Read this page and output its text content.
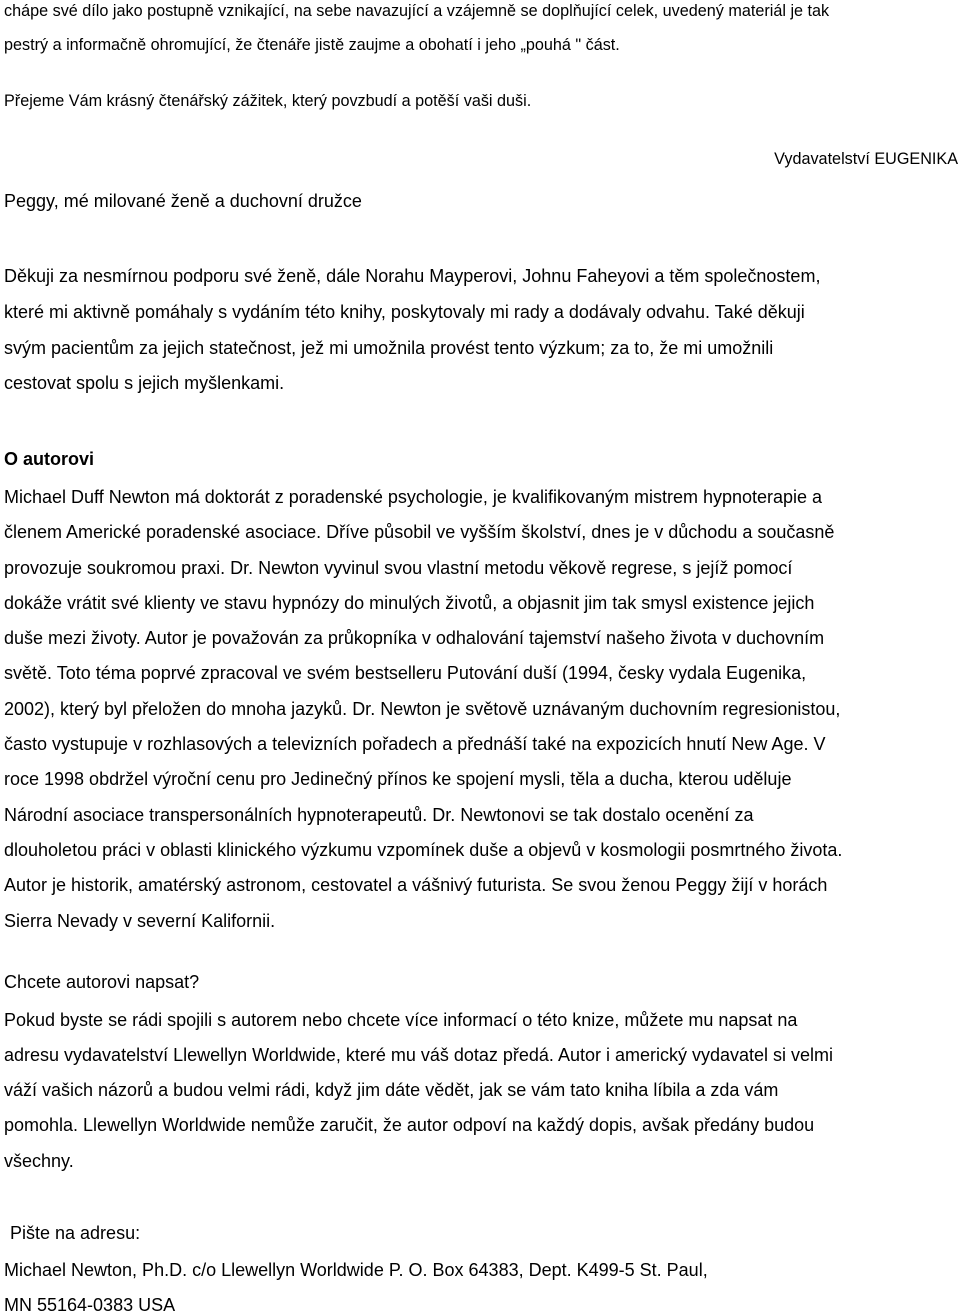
chápe své dílo jako postupně vznikající, na sebe navazující a vzájemně se doplňující celek, uvedený materiál je tak
pestrý a informačně ohromující, že čtenáře jistě zaujme a obohatí i jeho „pouhá " část.
Přejeme Vám krásný čtenářský zážitek, který povzbudí a potěší vaši duši.
Vydavatelství EUGENIKA
Peggy, mé milované ženě a duchovní družce
Děkuji za nesmírnou podporu své ženě, dále Norahu Mayperovi, Johnu Faheyovi a těm společnostem,
které mi aktivně pomáhaly s vydáním této knihy, poskytovaly mi rady a dodávaly odvahu. Také děkuji
svým pacientům za jejich statečnost, jež mi umožnila provést tento výzkum; za to, že mi umožnili
cestovat spolu s jejich myšlenkami.
O autorovi
Michael Duff Newton má doktorát z poradenské psychologie, je kvalifikovaným mistrem hypnoterapie a
členem Americké poradenské asociace. Dříve působil ve vyšším školství, dnes je v důchodu a současně
provozuje soukromou praxi. Dr. Newton vyvinul svou vlastní metodu věkově regrese, s jejíž pomocí
dokáže vrátit své klienty ve stavu hypnózy do minulých životů, a objasnit jim tak smysl existence jejich
duše mezi životy. Autor je považován za průkopníka v odhalování tajemství našeho života v duchovním
světě. Toto téma poprvé zpracoval ve svém bestselleru Putování duší (1994, česky vydala Eugenika,
2002), který byl přeložen do mnoha jazyků. Dr. Newton je světově uznávaným duchovním regresionistou,
často vystupuje v rozhlasových a televizních pořadech a přednáší také na expozicích hnutí New Age. V
roce 1998 obdržel výroční cenu pro Jedinečný přínos ke spojení mysli, těla a ducha, kterou uděluje
Národní asociace transpersonálních hypnoterapeutů. Dr. Newtonovi se tak dostalo ocenění za
dlouholetou práci v oblasti klinického výzkumu vzpomínek duše a objevů v kosmologii posmrtného života.
Autor je historik, amatérský astronom, cestovatel a vášnivý futurista. Se svou ženou Peggy žijí v horách
Sierra Nevady v severní Kalifornii.
Chcete autorovi napsat?
Pokud byste se rádi spojili s autorem nebo chcete více informací o této knize, můžete mu napsat na
adresu vydavatelství Llewellyn Worldwide, které mu váš dotaz předá. Autor i americký vydavatel si velmi
váží vašich názorů a budou velmi rádi, když jim dáte vědět, jak se vám tato kniha líbila a zda vám
pomohla. Llewellyn Worldwide nemůže zaručit, že autor odpoví na každý dopis, avšak předány budou
všechny.
Pište na adresu:
Michael Newton, Ph.D. c/o Llewellyn Worldwide P. O. Box 64383, Dept. K499-5 St. Paul,
MN 55164-0383 USA
